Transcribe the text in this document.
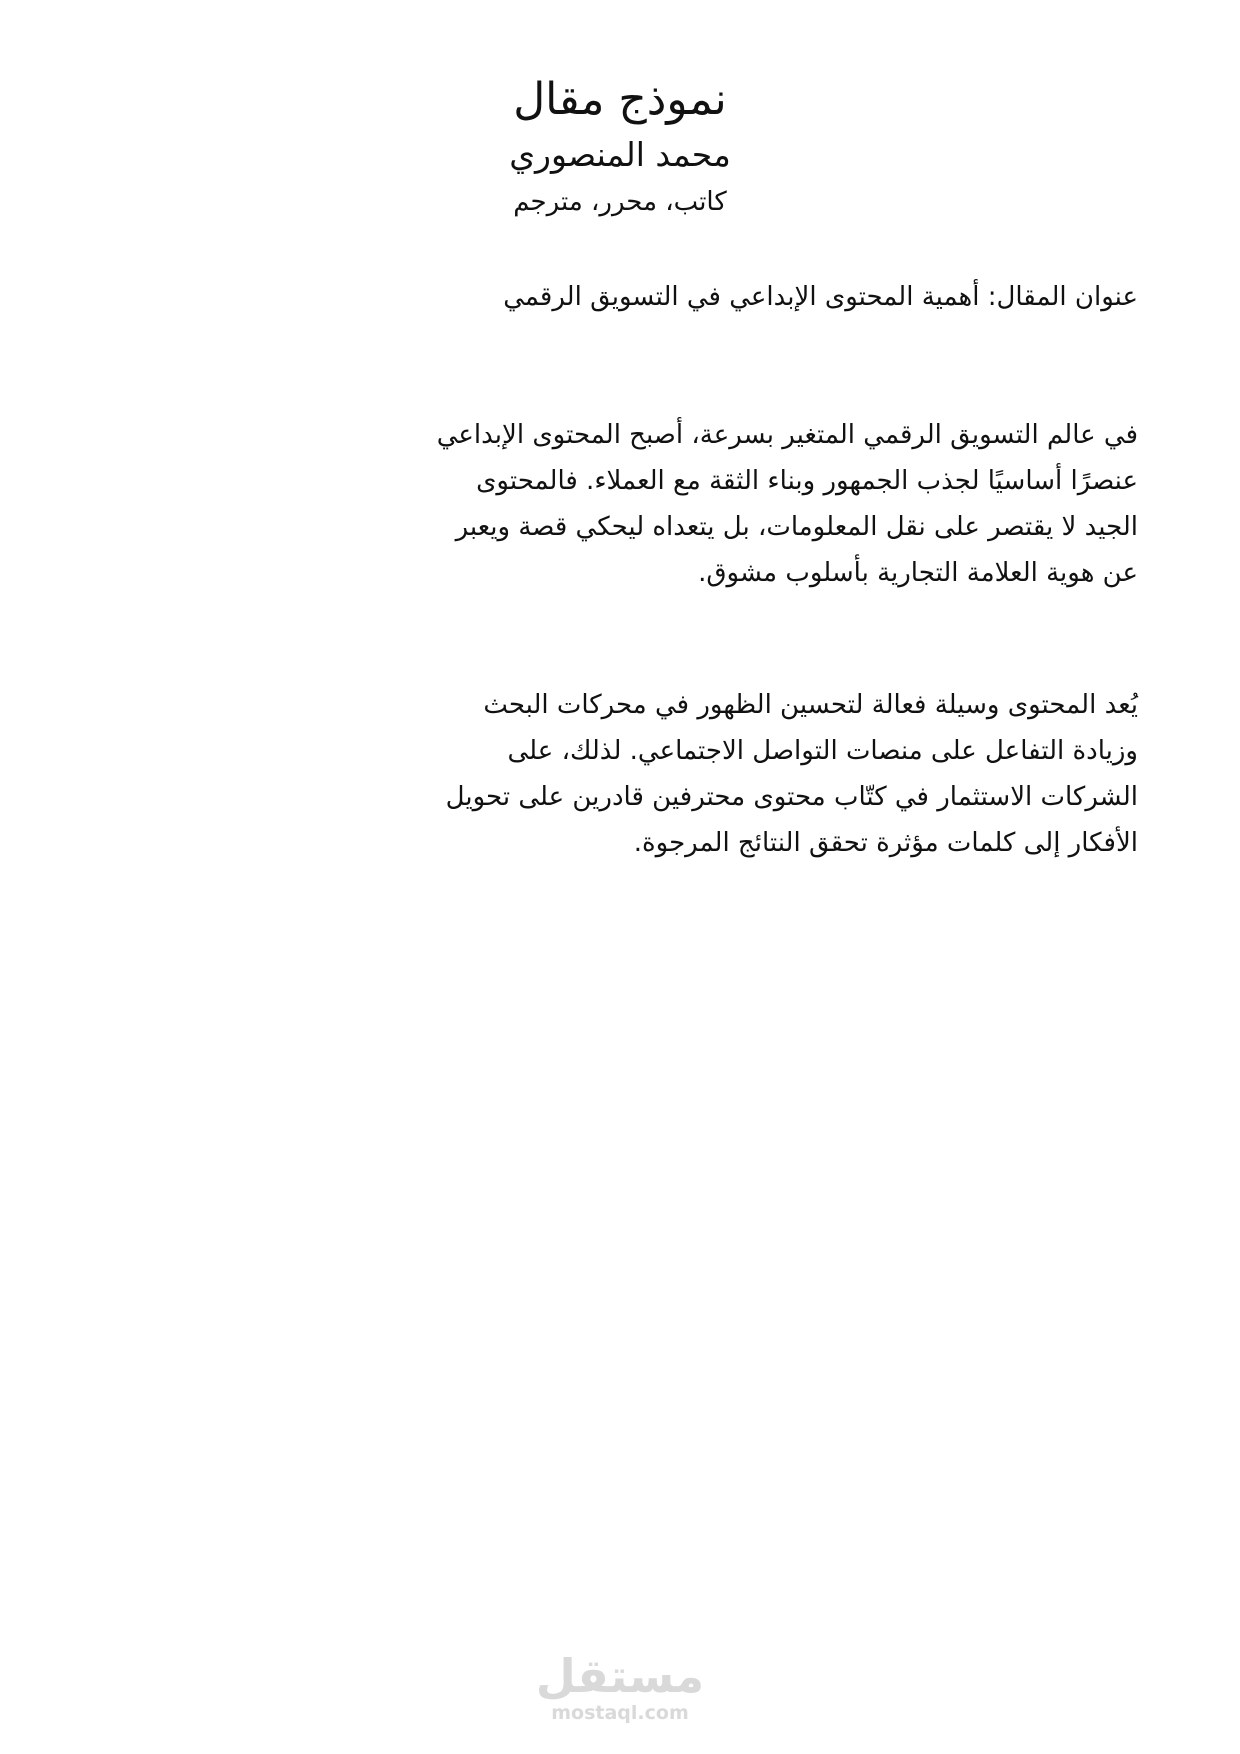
نموذج مقال
محمد المنصوري
كاتب، محرر، مترجم
عنوان المقال: أهمية المحتوى الإبداعي في التسويق الرقمي
في عالم التسويق الرقمي المتغير بسرعة، أصبح المحتوى الإبداعي
عنصرًا أساسيًا لجذب الجمهور وبناء الثقة مع العملاء. فالمحتوى
الجيد لا يقتصر على نقل المعلومات، بل يتعداه ليحكي قصة ويعبر
عن هوية العلامة التجارية بأسلوب مشوق.
يُعد المحتوى وسيلة فعالة لتحسين الظهور في محركات البحث
وزيادة التفاعل على منصات التواصل الاجتماعي. لذلك، على
الشركات الاستثمار في كتّاب محتوى محترفين قادرين على تحويل
الأفكار إلى كلمات مؤثرة تحقق النتائج المرجوة.
مستقل
mostaql.com
